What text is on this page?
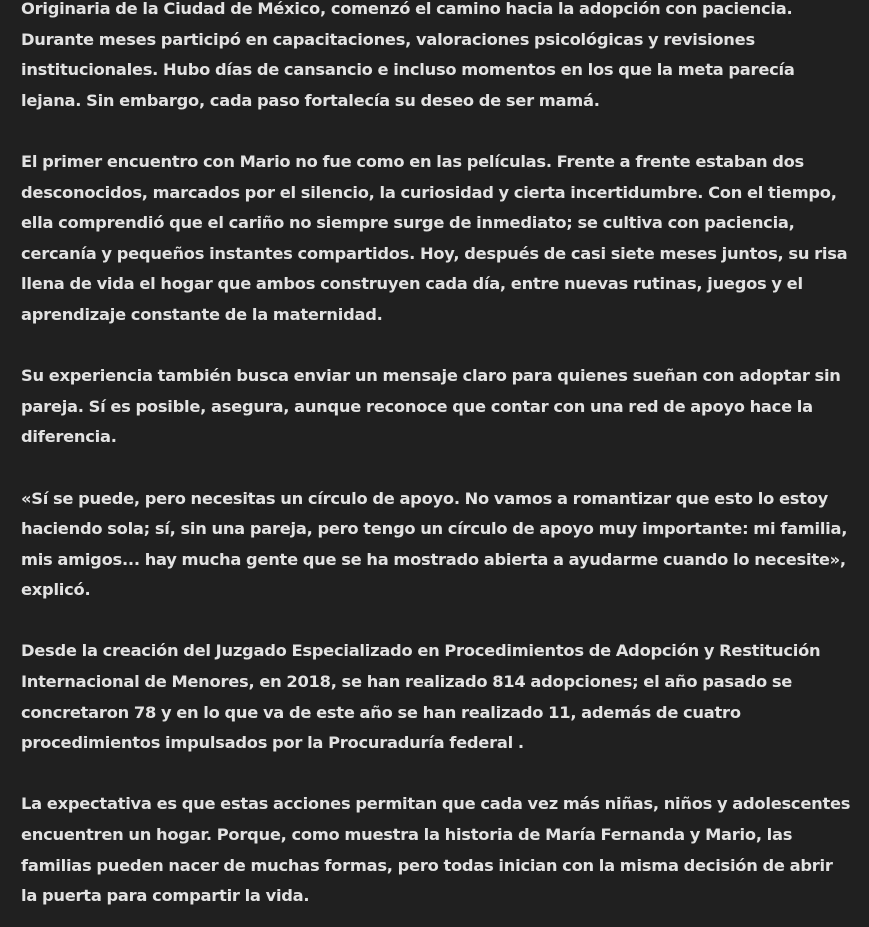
Originaria de la Ciudad de México, comenzó el camino hacia la adopción con paciencia. Durante meses participó en capacitaciones, valoraciones psicológicas y revisiones institucionales. Hubo días de cansancio e incluso momentos en los que la meta parecía lejana. Sin embargo, cada paso fortalecía su deseo de ser mamá.

El primer encuentro con Mario no fue como en las películas. Frente a frente estaban dos desconocidos, marcados por el silencio, la curiosidad y cierta incertidumbre. Con el tiempo, ella comprendió que el cariño no siempre surge de inmediato; se cultiva con paciencia, cercanía y pequeños instantes compartidos. Hoy, después de casi siete meses juntos, su risa llena de vida el hogar que ambos construyen cada día, entre nuevas rutinas, juegos y el aprendizaje constante de la maternidad.

Su experiencia también busca enviar un mensaje claro para quienes sueñan con adoptar sin pareja. Sí es posible, asegura, aunque reconoce que contar con una red de apoyo hace la diferencia.

«Sí se puede, pero necesitas un círculo de apoyo. No vamos a romantizar que esto lo estoy haciendo sola; sí, sin una pareja, pero tengo un círculo de apoyo muy importante: mi familia, mis amigos... hay mucha gente que se ha mostrado abierta a ayudarme cuando lo necesite», explicó.

Desde la creación del Juzgado Especializado en Procedimientos de Adopción y Restitución Internacional de Menores, en 2018, se han realizado 814 adopciones; el año pasado se concretaron 78 y en lo que va de este año se han realizado 11, además de cuatro procedimientos impulsados por la Procuraduría federal .

La expectativa es que estas acciones permitan que cada vez más niñas, niños y adolescentes encuentren un hogar. Porque, como muestra la historia de María Fernanda y Mario, las familias pueden nacer de muchas formas, pero todas inician con la misma decisión de abrir la puerta para compartir la vida.
